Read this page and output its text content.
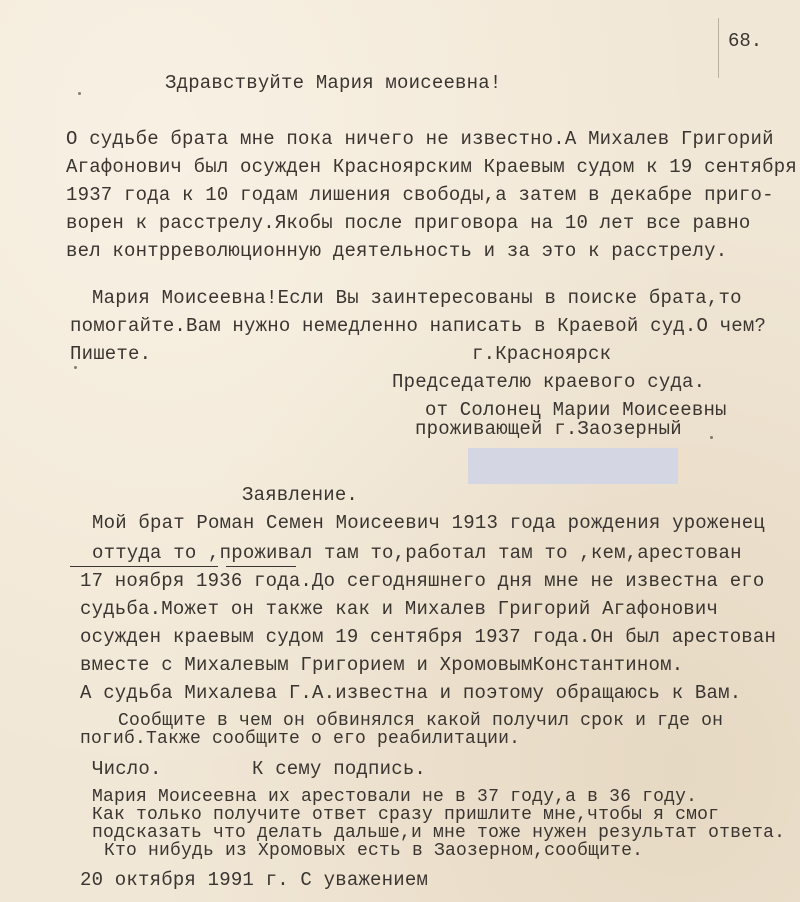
68.
Здравствуйте Мария моисеевна!
О судьбе брата мне пока ничего не известно.А Михалев Григорий
Агафонович был осужден Красноярским Краевым судом к 19 сентября
1937 года к 10 годам лишения свободы,а затем в декабре приго-
ворен к расстрелу.Якобы после приговора на 10 лет все равно
вел контрреволюционную деятельность и за это к расстрелу.
Мария Моисеевна!Если Вы заинтересованы в поиске брата,то
помогайте.Вам нужно немедленно написать в Краевой суд.О чем?
Пишете.	г.Красноярск
Председателю краевого суда.
от Солонец Марии Моисеевны
проживающей г.Заозерный
Заявление.
Мой брат Роман Семен Моисеевич 1913 года рождения уроженец
оттуда то ,проживал там то,работал там то ,кем,арестован
17 ноября 1936 года.До сегодняшнего дня мне не известна его
судьба.Может он также как и Михалев Григорий Агафонович
осужден краевым судом 19 сентября 1937 года.Он был арестован
вместе с Михалевым Григорием и ХромовымКонстантином.
А судьба Михалева Г.А.известна и поэтому обращаюсь к Вам.
Сообщите в чем он обвинялся какой получил срок и где он
погиб.Также сообщите о его реабилитации.
Число.	К сему подпись.
Мария Моисеевна их арестовали не в 37 году,а в 36 году.
Как только получите ответ сразу пришлите мне,чтобы я смог
подсказать что делать дальше,и мне тоже нужен результат ответа.
Кто нибудь из Хромовых есть в Заозерном,сообщите.
20 октября 1991 г. С уважением
